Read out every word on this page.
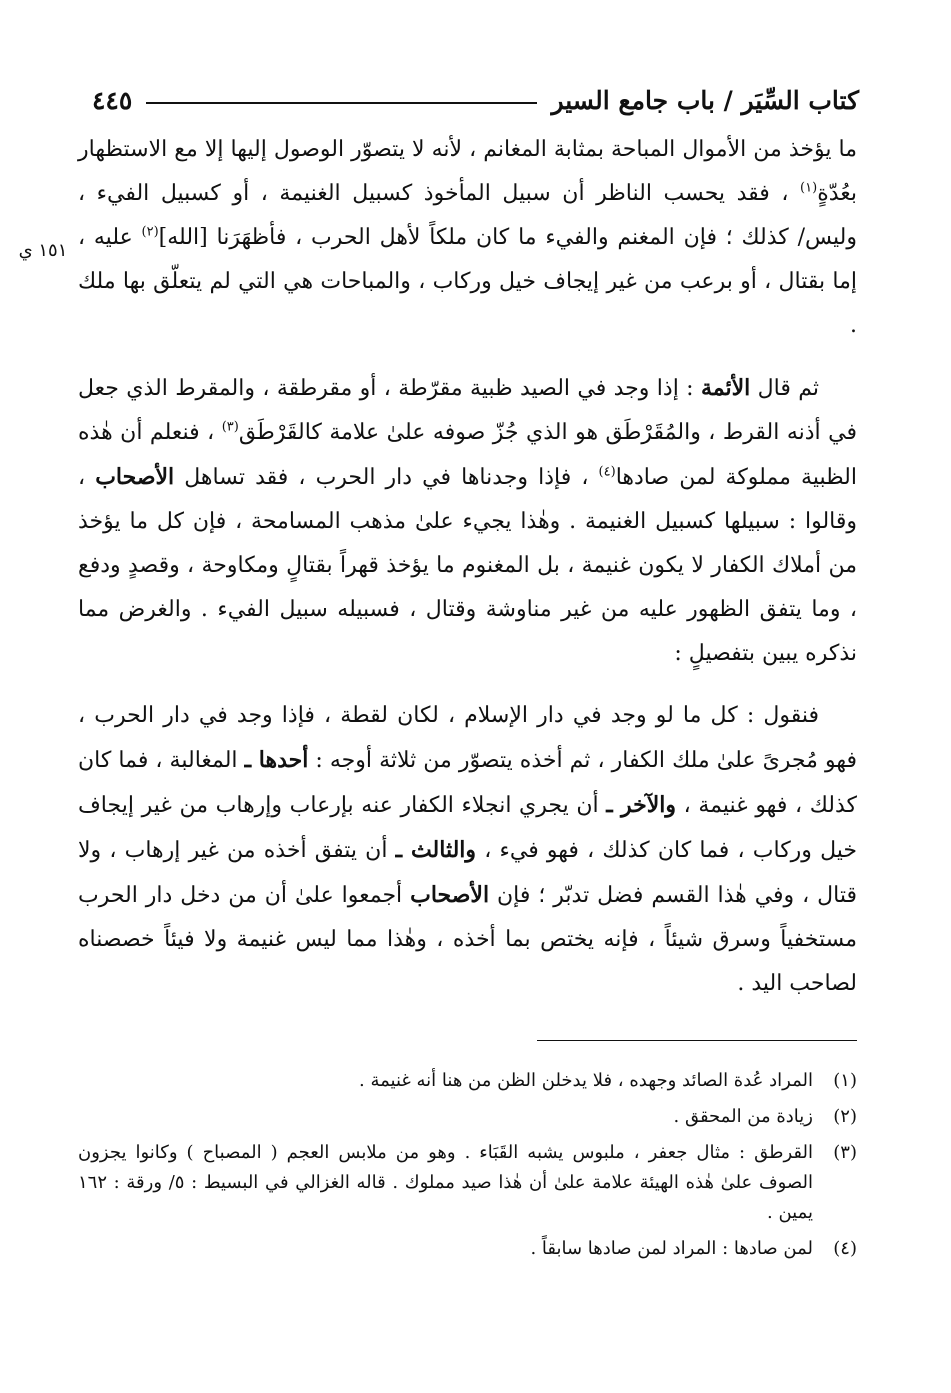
كتاب السِّيَر / باب جامع السير
٤٤٥
١٥١ ي

ما يؤخذ من الأموال المباحة بمثابة المغانم ، لأنه لا يتصوّر الوصول إليها إلا مع الاستظهار بعُدّةٍ$^{(١)}$ ، فقد يحسب الناظر أن سبيل المأخوذ كسبيل الغنيمة ، أو كسبيل الفيء ، وليس/ كذلك ؛ فإن المغنم والفيء ما كان ملكاً لأهل الحرب ، فأظهَرَنا [الله]$^{(٢)}$ عليه ، إما بقتال ، أو برعب من غير إيجاف خيل وركاب ، والمباحات هي التي لم يتعلّق بها ملك .

ثم قال الأئمة : إذا وجد في الصيد ظبية مقرّطة ، أو مقرطقة ، والمقرط الذي جعل في أذنه القرط ، والمُقَرْطَق هو الذي جُزّ صوفه علىٰ علامة كالقَرْطَق$^{(٣)}$ ، فنعلم أن هٰذه الظبية مملوكة لمن صادها$^{(٤)}$ ، فإذا وجدناها في دار الحرب ، فقد تساهل الأصحاب ، وقالوا : سبيلها كسبيل الغنيمة . وهٰذا يجيء علىٰ مذهب المسامحة ، فإن كل ما يؤخذ من أملاك الكفار لا يكون غنيمة ، بل المغنوم ما يؤخذ قهراً بقتالٍ ومكاوحة ، وقصدٍ ودفع ، وما يتفق الظهور عليه من غير مناوشة وقتال ، فسبيله سبيل الفيء . والغرض مما نذكره يبين بتفصيلٍ :

فنقول : كل ما لو وجد في دار الإسلام ، لكان لقطة ، فإذا وجد في دار الحرب ، فهو مُجرىً علىٰ ملك الكفار ، ثم أخذه يتصوّر من ثلاثة أوجه : أحدها ـ المغالبة ، فما كان كذلك ، فهو غنيمة ، والآخر ـ أن يجري انجلاء الكفار عنه بإرعاب وإرهاب من غير إيجاف خيل وركاب ، فما كان كذلك ، فهو فيء ، والثالث ـ أن يتفق أخذه من غير إرهاب ، ولا قتال ، وفي هٰذا القسم فضل تدبّر ؛ فإن الأصحاب أجمعوا علىٰ أن من دخل دار الحرب مستخفياً وسرق شيئاً ، فإنه يختص بما أخذه ، وهٰذا مما ليس غنيمة ولا فيئاً خصصناه لصاحب اليد .

(١)
المراد عُدة الصائد وجهده ، فلا يدخلن الظن من هنا أنه غنيمة .
(٢)
زيادة من المحقق .
(٣)
القرطق : مثال جعفر ، ملبوس يشبه القَبَاء . وهو من ملابس العجم ( المصباح ) وكانوا يجزون الصوف علىٰ هٰذه الهيئة علامة علىٰ أن هٰذا صيد مملوك . قاله الغزالي في البسيط : ٥/ ورقة : ١٦٢ يمين .
(٤)
لمن صادها : المراد لمن صادها سابقاً .
